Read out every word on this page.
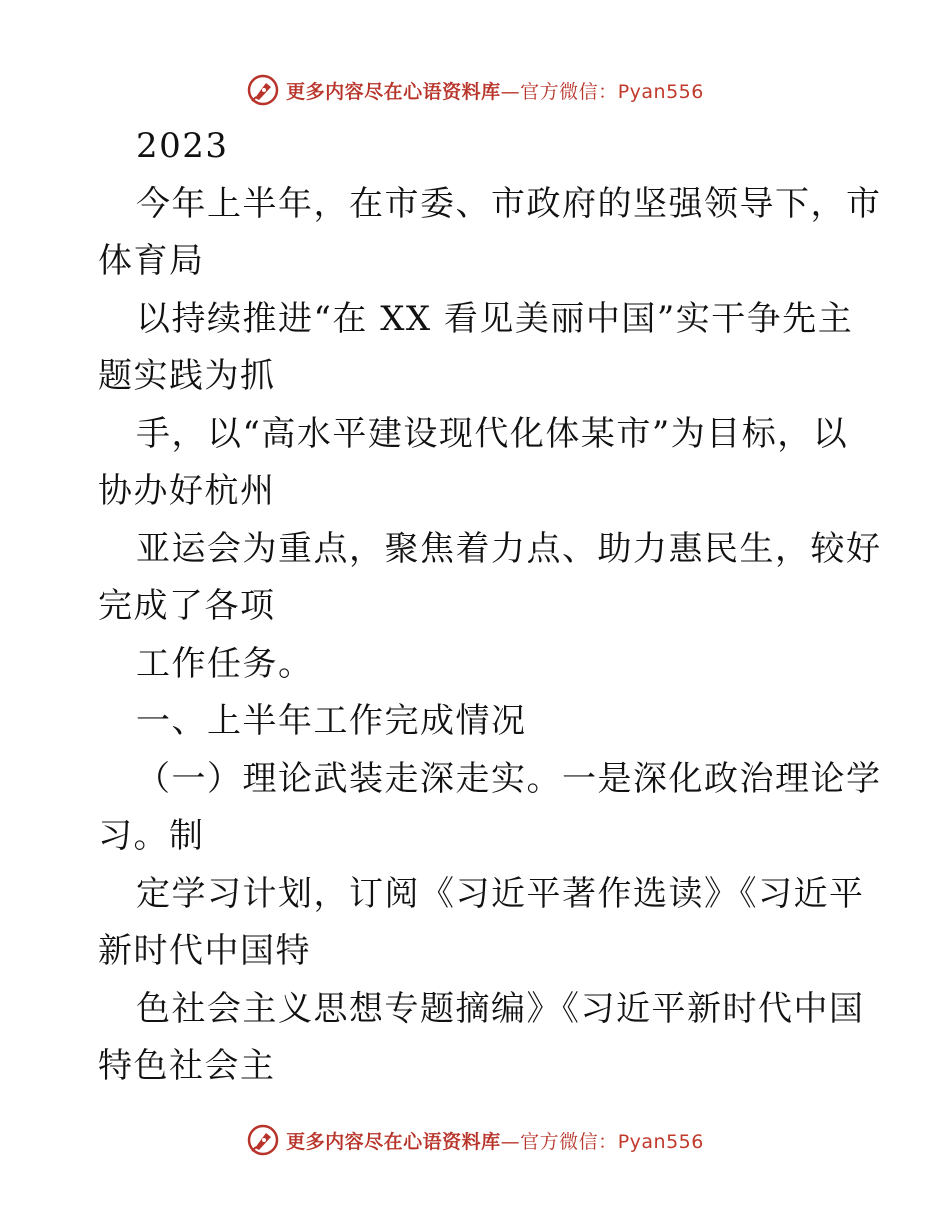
更多内容尽在心语资料库—官方微信：Pyan556
2023
今年上半年，在市委、市政府的坚强领导下，市
体育局
以持续推进“在 XX 看见美丽中国”实干争先主
题实践为抓
手，以“高水平建设现代化体某市”为目标，以
协办好杭州
亚运会为重点，聚焦着力点、助力惠民生，较好
完成了各项
工作任务。
一、上半年工作完成情况
（一）理论武装走深走实。一是深化政治理论学
习。制
定学习计划，订阅《习近平著作选读》《习近平
新时代中国特
色社会主义思想专题摘编》《习近平新时代中国
特色社会主
更多内容尽在心语资料库—官方微信：Pyan556
